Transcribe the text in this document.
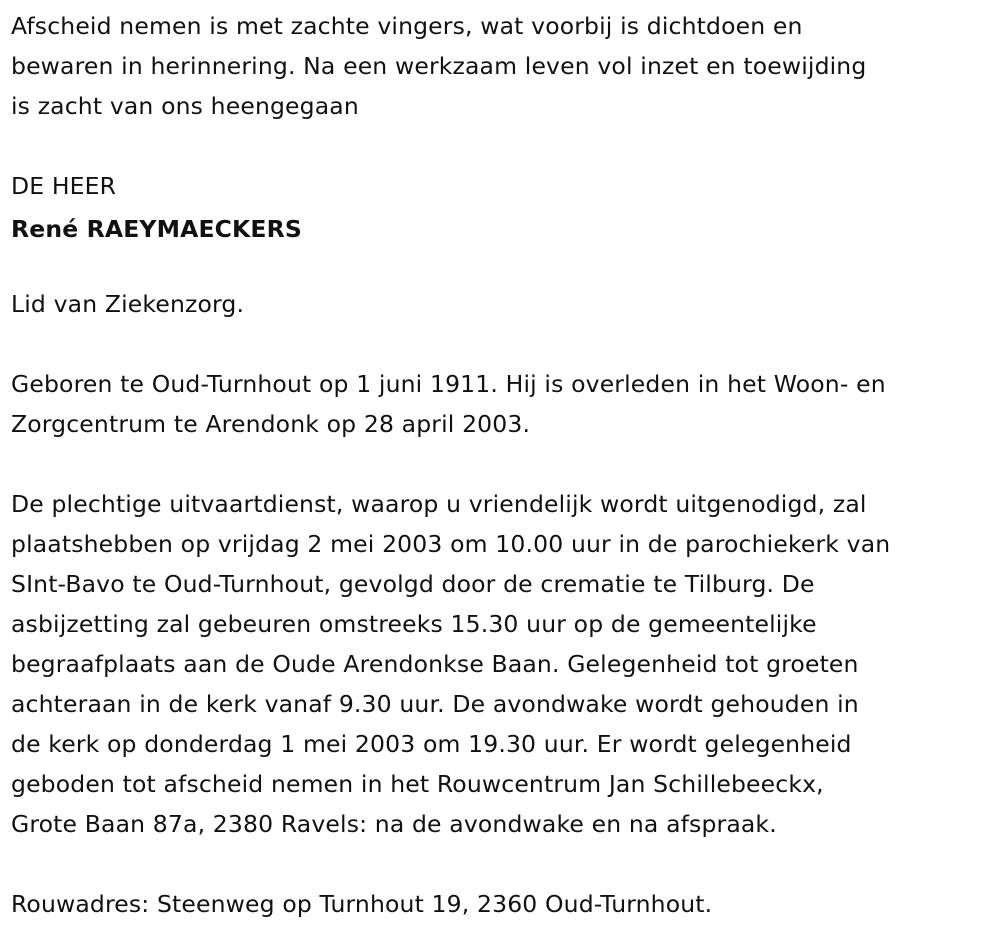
Afscheid nemen is met zachte vingers, wat voorbij is dichtdoen en
bewaren in herinnering. Na een werkzaam leven vol inzet en toewijding
is zacht van ons heengegaan

DE HEER

René RAEYMAECKERS

Lid van Ziekenzorg.

Geboren te Oud-Turnhout op 1 juni 1911. Hij is overleden in het Woon- en
Zorgcentrum te Arendonk op 28 april 2003.

De plechtige uitvaartdienst, waarop u vriendelijk wordt uitgenodigd, zal
plaatshebben op vrijdag 2 mei 2003 om 10.00 uur in de parochiekerk van
SInt-Bavo te Oud-Turnhout, gevolgd door de crematie te Tilburg. De
asbijzetting zal gebeuren omstreeks 15.30 uur op de gemeentelijke
begraafplaats aan de Oude Arendonkse Baan. Gelegenheid tot groeten
achteraan in de kerk vanaf 9.30 uur. De avondwake wordt gehouden in
de kerk op donderdag 1 mei 2003 om 19.30 uur. Er wordt gelegenheid
geboden tot afscheid nemen in het Rouwcentrum Jan Schillebeeckx,
Grote Baan 87a, 2380 Ravels: na de avondwake en na afspraak.

Rouwadres: Steenweg op Turnhout 19, 2360 Oud-Turnhout.
